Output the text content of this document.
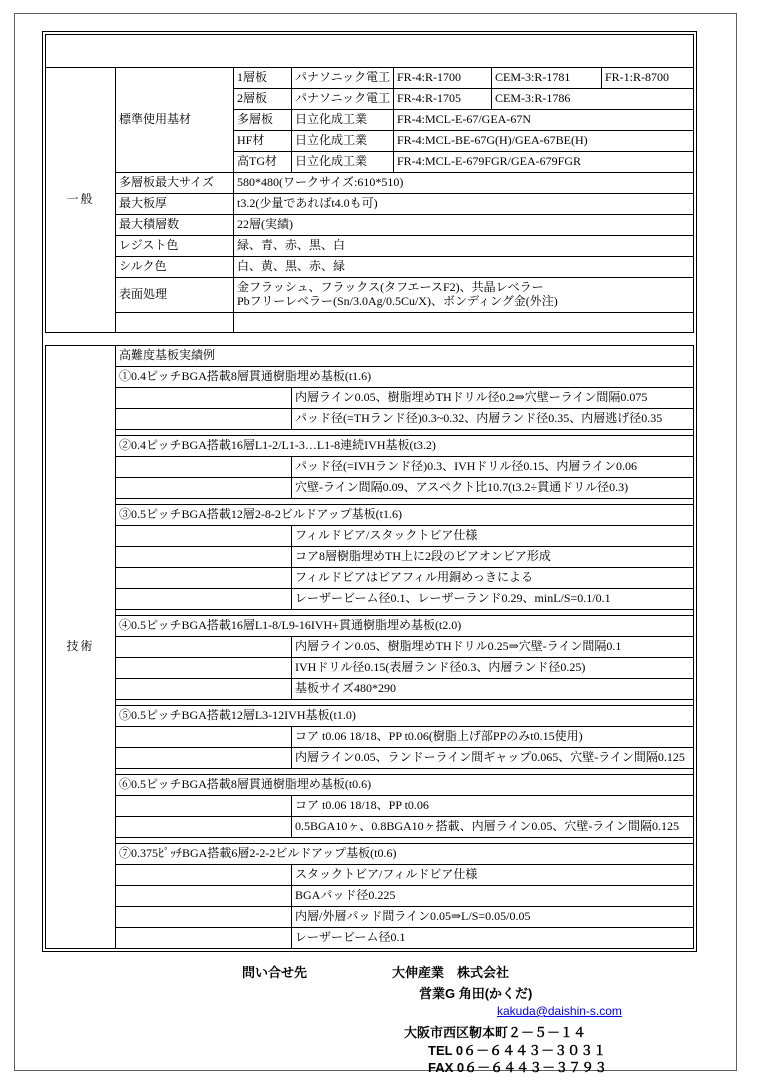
一般	標準使用基材	1層板	パナソニック電工	FR-4:R-1700	CEM-3:R-1781	FR-1:R-8700
		2層板	パナソニック電工	FR-4:R-1705	CEM-3:R-1786	
		多層板	日立化成工業	FR-4:MCL-E-67/GEA-67N		
		HF材	日立化成工業	FR-4:MCL-BE-67G(H)/GEA-67BE(H)		
		高TG材	日立化成工業	FR-4:MCL-E-679FGR/GEA-679FGR		
	多層板最大サイズ	580*480(ワークサイズ:610*510)				
	最大板厚	t3.2(少量であればt4.0も可)				
	最大積層数	22層(実績)				
	レジスト色	緑、青、赤、黒、白				
	シルク色	白、黄、黒、赤、緑				
	表面処理	金フラッシュ、フラックス(タフエースF2)、共晶レベラー
Pbフリーレベラー(Sn/3.0Ag/0.5Cu/X)、ボンディング金(外注)				

技術	高難度基板実績例	
	①0.4ピッチBGA搭載8層貫通樹脂埋め基板(t1.6)	
		内層ライン0.05、樹脂埋めTHドリル径0.2⇒穴壁ーライン間隔0.075
		パッド径(=THランド径)0.3~0.32、内層ランド径0.35、内層逃げ径0.35

	②0.4ピッチBGA搭載16層L1-2/L1-3…L1-8連続IVH基板(t3.2)	
		パッド径(=IVHランド径)0.3、IVHドリル径0.15、内層ライン0.06
		穴壁-ライン間隔0.09、アスペクト比10.7(t3.2÷貫通ドリル径0.3)

	③0.5ピッチBGA搭載12層2-8-2ビルドアップ基板(t1.6)	
		フィルドビア/スタックトビア仕様
		コア8層樹脂埋めTH上に2段のビアオンビア形成
		フィルドビアはビアフィル用銅めっきによる
		レーザービーム径0.1、レーザーランド0.29、minL/S=0.1/0.1

	④0.5ピッチBGA搭載16層L1-8/L9-16IVH+貫通樹脂埋め基板(t2.0)	
		内層ライン0.05、樹脂埋めTHドリル0.25⇒穴壁-ライン間隔0.1
		IVHドリル径0.15(表層ランド径0.3、内層ランド径0.25)
		基板サイズ480*290

	⑤0.5ピッチBGA搭載12層L3-12IVH基板(t1.0)	
		コア t0.06 18/18、PP t0.06(樹脂上げ部PPのみt0.15使用)
		内層ライン0.05、ランドーライン間ギャップ0.065、穴壁-ライン間隔0.125

	⑥0.5ピッチBGA搭載8層貫通樹脂埋め基板(t0.6)	
		コア t0.06 18/18、PP t0.06
		0.5BGA10ヶ、0.8BGA10ヶ搭載、内層ライン0.05、穴壁-ライン間隔0.125

	⑦0.375ﾋﾟｯﾁBGA搭載6層2-2-2ビルドアップ基板(t0.6)	
		スタックトビア/フィルドビア仕様
		BGAパッド径0.225
		内層/外層パッド間ライン0.05⇒L/S=0.05/0.05
		レーザービーム径0.1
問い合せ先	大伸産業　株式会社
営業G 角田(かくだ)
kakuda@daishin-s.com
大阪市西区靭本町２－５－１４
TEL 0６－６４４３－３０３１
FAX 0６－６４４３－３７９３
